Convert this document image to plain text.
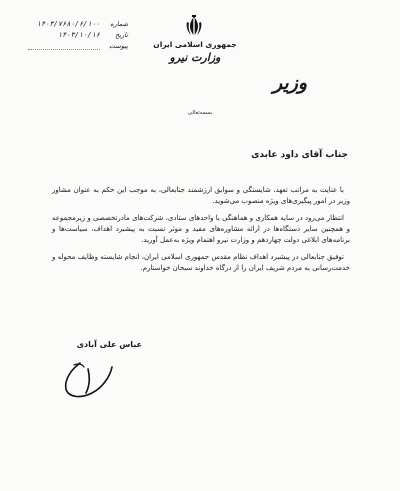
شماره
۱۴۰۳/۷۶۸۰/۶/۱۰۰
تاریخ
۱۴۰۳/۱۰/۱۶
پیوست	جمهوری اسلامی ایران
وزارت نیرو
وزیر
بسمه‌تعالی
جناب آقای داود عابدی

با عنایت به مراتب تعهد، شایستگی و سوابق ارزشمند جنابعالی، به موجب این حکم به عنوان مشاور وزیر در امور پیگیری‌های ویژه منصوب می‌شوید.

انتظار می‌رود در سایه همکاری و هماهنگی با واحدهای ستادی، شرکت‌های مادرتخصصی و زیرمجموعه و همچنین سایر دستگاه‌ها در ارائه مشاوره‌های مفید و موثر نسبت به پیشبرد اهداف، سیاست‌ها و برنامه‌های ابلاغی دولت چهاردهم و وزارت نیرو اهتمام ویژه به‌عمل آورید.

توفیق جنابعالی در پیشبرد اهداف نظام مقدس جمهوری اسلامی ایران، انجام شایسته وظایف محوله و خدمت‌رسانی به مردم شریف ایران را از درگاه خداوند سبحان خواستارم.

عباس علی آبادی
